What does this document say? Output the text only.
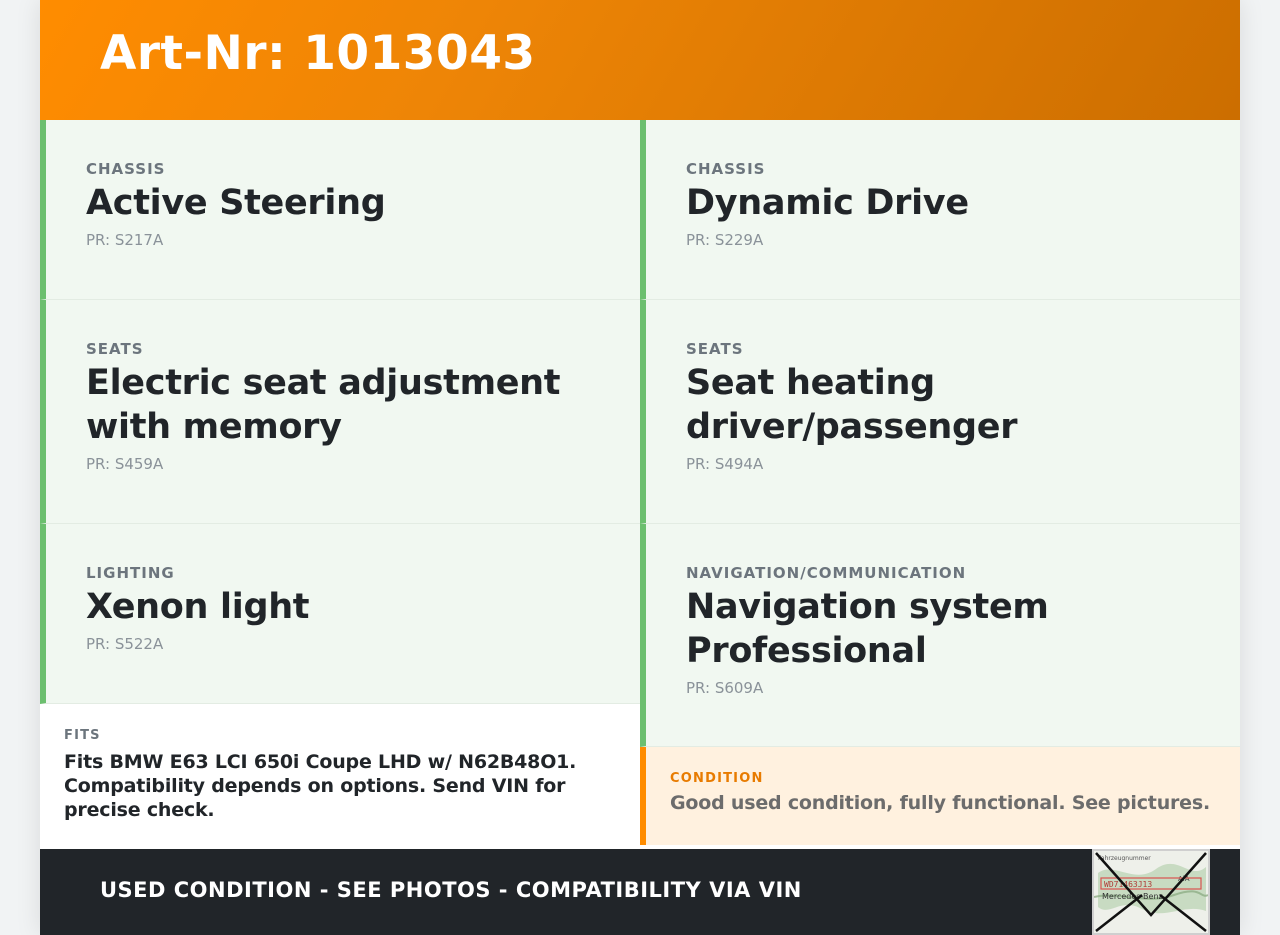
Art-Nr: 1013043
CHASSIS
Active Steering
PR: S217A
SEATS
Electric seat adjustment with memory
PR: S459A
LIGHTING
Xenon light
PR: S522A
CHASSIS
Dynamic Drive
PR: S229A
SEATS
Seat heating driver/passenger
PR: S494A
NAVIGATION/COMMUNICATION
Navigation system Professional
PR: S609A
FITS
Fits BMW E63 LCI 650i Coupe LHD w/ N62B48O1. Compatibility depends on options. Send VIN for precise check.
CONDITION
Good used condition, fully functional. See pictures.
USED CONDITION - SEE PHOTOS - COMPATIBILITY VIA VIN
Fahrzeugnummer
AiA
WD71463J13
Mercedes-Benz
